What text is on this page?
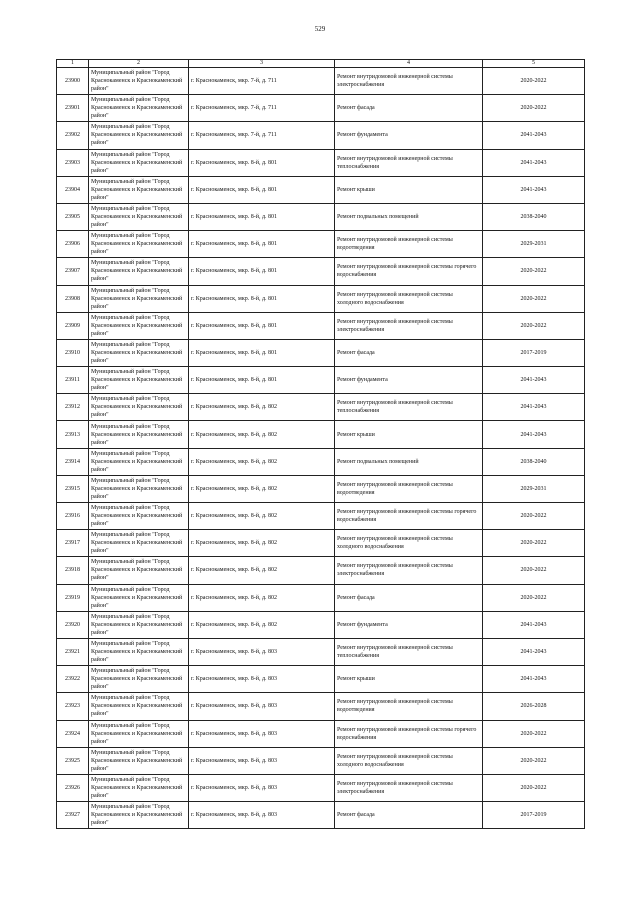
529
1	2	3	4	5
23900	Муниципальный район "Город Краснокаменск и Краснокаменский район"	г. Краснокаменск, мкр. 7-й, д. 711	Ремонт внутридомовой инженерной системы электроснабжения	2020-2022
23901	Муниципальный район "Город Краснокаменск и Краснокаменский район"	г. Краснокаменск, мкр. 7-й, д. 711	Ремонт фасада	2020-2022
23902	Муниципальный район "Город Краснокаменск и Краснокаменский район"	г. Краснокаменск, мкр. 7-й, д. 711	Ремонт фундамента	2041-2043
23903	Муниципальный район "Город Краснокаменск и Краснокаменский район"	г. Краснокаменск, мкр. 8-й, д. 801	Ремонт внутридомовой инженерной системы теплоснабжения	2041-2043
23904	Муниципальный район "Город Краснокаменск и Краснокаменский район"	г. Краснокаменск, мкр. 8-й, д. 801	Ремонт крыши	2041-2043
23905	Муниципальный район "Город Краснокаменск и Краснокаменский район"	г. Краснокаменск, мкр. 8-й, д. 801	Ремонт подвальных помещений	2038-2040
23906	Муниципальный район "Город Краснокаменск и Краснокаменский район"	г. Краснокаменск, мкр. 8-й, д. 801	Ремонт внутридомовой инженерной системы водоотведения	2029-2031
23907	Муниципальный район "Город Краснокаменск и Краснокаменский район"	г. Краснокаменск, мкр. 8-й, д. 801	Ремонт внутридомовой инженерной системы горячего водоснабжения	2020-2022
23908	Муниципальный район "Город Краснокаменск и Краснокаменский район"	г. Краснокаменск, мкр. 8-й, д. 801	Ремонт внутридомовой инженерной системы холодного водоснабжения	2020-2022
23909	Муниципальный район "Город Краснокаменск и Краснокаменский район"	г. Краснокаменск, мкр. 8-й, д. 801	Ремонт внутридомовой инженерной системы электроснабжения	2020-2022
23910	Муниципальный район "Город Краснокаменск и Краснокаменский район"	г. Краснокаменск, мкр. 8-й, д. 801	Ремонт фасада	2017-2019
23911	Муниципальный район "Город Краснокаменск и Краснокаменский район"	г. Краснокаменск, мкр. 8-й, д. 801	Ремонт фундамента	2041-2043
23912	Муниципальный район "Город Краснокаменск и Краснокаменский район"	г. Краснокаменск, мкр. 8-й, д. 802	Ремонт внутридомовой инженерной системы теплоснабжения	2041-2043
23913	Муниципальный район "Город Краснокаменск и Краснокаменский район"	г. Краснокаменск, мкр. 8-й, д. 802	Ремонт крыши	2041-2043
23914	Муниципальный район "Город Краснокаменск и Краснокаменский район"	г. Краснокаменск, мкр. 8-й, д. 802	Ремонт подвальных помещений	2038-2040
23915	Муниципальный район "Город Краснокаменск и Краснокаменский район"	г. Краснокаменск, мкр. 8-й, д. 802	Ремонт внутридомовой инженерной системы водоотведения	2029-2031
23916	Муниципальный район "Город Краснокаменск и Краснокаменский район"	г. Краснокаменск, мкр. 8-й, д. 802	Ремонт внутридомовой инженерной системы горячего водоснабжения	2020-2022
23917	Муниципальный район "Город Краснокаменск и Краснокаменский район"	г. Краснокаменск, мкр. 8-й, д. 802	Ремонт внутридомовой инженерной системы холодного водоснабжения	2020-2022
23918	Муниципальный район "Город Краснокаменск и Краснокаменский район"	г. Краснокаменск, мкр. 8-й, д. 802	Ремонт внутридомовой инженерной системы электроснабжения	2020-2022
23919	Муниципальный район "Город Краснокаменск и Краснокаменский район"	г. Краснокаменск, мкр. 8-й, д. 802	Ремонт фасада	2020-2022
23920	Муниципальный район "Город Краснокаменск и Краснокаменский район"	г. Краснокаменск, мкр. 8-й, д. 802	Ремонт фундамента	2041-2043
23921	Муниципальный район "Город Краснокаменск и Краснокаменский район"	г. Краснокаменск, мкр. 8-й, д. 803	Ремонт внутридомовой инженерной системы теплоснабжения	2041-2043
23922	Муниципальный район "Город Краснокаменск и Краснокаменский район"	г. Краснокаменск, мкр. 8-й, д. 803	Ремонт крыши	2041-2043
23923	Муниципальный район "Город Краснокаменск и Краснокаменский район"	г. Краснокаменск, мкр. 8-й, д. 803	Ремонт внутридомовой инженерной системы водоотведения	2026-2028
23924	Муниципальный район "Город Краснокаменск и Краснокаменский район"	г. Краснокаменск, мкр. 8-й, д. 803	Ремонт внутридомовой инженерной системы горячего водоснабжения	2020-2022
23925	Муниципальный район "Город Краснокаменск и Краснокаменский район"	г. Краснокаменск, мкр. 8-й, д. 803	Ремонт внутридомовой инженерной системы холодного водоснабжения	2020-2022
23926	Муниципальный район "Город Краснокаменск и Краснокаменский район"	г. Краснокаменск, мкр. 8-й, д. 803	Ремонт внутридомовой инженерной системы электроснабжения	2020-2022
23927	Муниципальный район "Город Краснокаменск и Краснокаменский район"	г. Краснокаменск, мкр. 8-й, д. 803	Ремонт фасада	2017-2019
